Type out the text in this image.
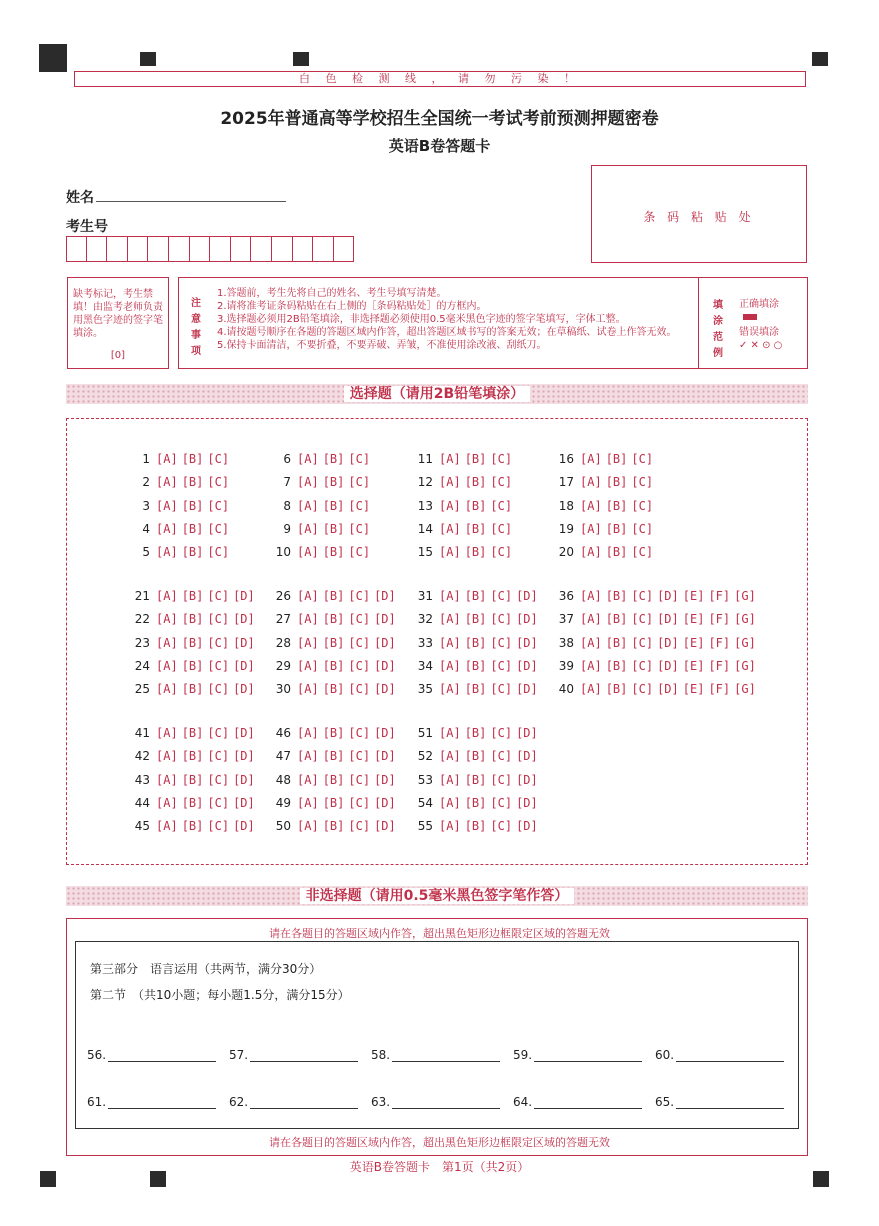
白 色 检 测 线 ， 请 勿 污 染 ！
2025年普通高等学校招生全国统一考试考前预测押题密卷
英语B卷答题卡
姓名
考生号
条 码 粘 贴 处
缺考标记，考生禁填！由监考老师负责用黑色字迹的签字笔填涂。
[0]
注 意 事 项
1.答题前，考生先将自己的姓名、考生号填写清楚。
2.请将准考证条码粘贴在右上侧的［条码粘贴处］的方框内。
3.选择题必须用2B铅笔填涂，非选择题必须使用0.5毫米黑色字迹的签字笔填写，字体工整。
4.请按题号顺序在各题的答题区域内作答，超出答题区域书写的答案无效；在草稿纸、试卷上作答无效。
5.保持卡面清洁，不要折叠，不要弄破、弄皱，不准使用涂改液、刮纸刀。
填 涂 范 例
正确填涂
错误填涂
✓ ✕ ⊙ ○
选择题（请用2B铅笔填涂）
1 [A] [B] [C]
2 [A] [B] [C]
3 [A] [B] [C]
4 [A] [B] [C]
5 [A] [B] [C]
6 [A] [B] [C]
7 [A] [B] [C]
8 [A] [B] [C]
9 [A] [B] [C]
10 [A] [B] [C]
11 [A] [B] [C]
12 [A] [B] [C]
13 [A] [B] [C]
14 [A] [B] [C]
15 [A] [B] [C]
16 [A] [B] [C]
17 [A] [B] [C]
18 [A] [B] [C]
19 [A] [B] [C]
20 [A] [B] [C]
21 [A] [B] [C] [D]
22 [A] [B] [C] [D]
23 [A] [B] [C] [D]
24 [A] [B] [C] [D]
25 [A] [B] [C] [D]
26 [A] [B] [C] [D]
27 [A] [B] [C] [D]
28 [A] [B] [C] [D]
29 [A] [B] [C] [D]
30 [A] [B] [C] [D]
31 [A] [B] [C] [D]
32 [A] [B] [C] [D]
33 [A] [B] [C] [D]
34 [A] [B] [C] [D]
35 [A] [B] [C] [D]
36 [A] [B] [C] [D] [E] [F] [G]
37 [A] [B] [C] [D] [E] [F] [G]
38 [A] [B] [C] [D] [E] [F] [G]
39 [A] [B] [C] [D] [E] [F] [G]
40 [A] [B] [C] [D] [E] [F] [G]
41 [A] [B] [C] [D]
42 [A] [B] [C] [D]
43 [A] [B] [C] [D]
44 [A] [B] [C] [D]
45 [A] [B] [C] [D]
46 [A] [B] [C] [D]
47 [A] [B] [C] [D]
48 [A] [B] [C] [D]
49 [A] [B] [C] [D]
50 [A] [B] [C] [D]
51 [A] [B] [C] [D]
52 [A] [B] [C] [D]
53 [A] [B] [C] [D]
54 [A] [B] [C] [D]
55 [A] [B] [C] [D]
非选择题（请用0.5毫米黑色签字笔作答）
请在各题目的答题区域内作答，超出黑色矩形边框限定区域的答题无效
请在各题目的答题区域内作答，超出黑色矩形边框限定区域的答题无效
第三部分　语言运用（共两节，满分30分）
第二节　（共10小题；每小题1.5分，满分15分）
56.	57.	58.	59.	60.
61.	62.	63.	64.	65.
英语B卷答题卡　第1页（共2页）
